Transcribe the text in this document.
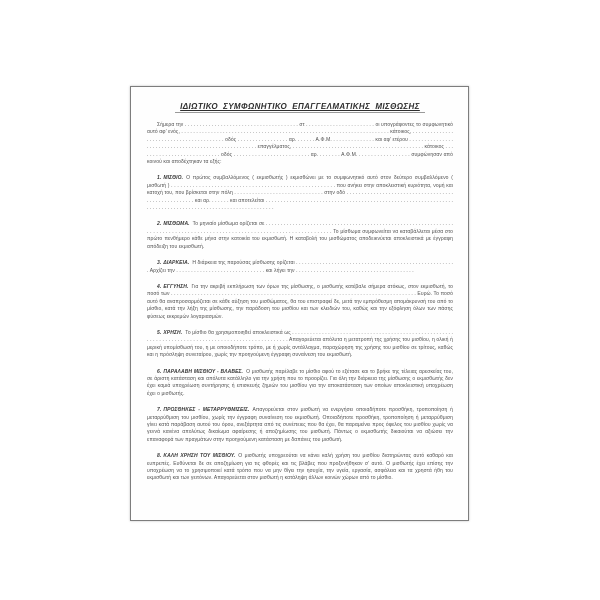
ΙΔΙΩΤΙΚΟ ΣΥΜΦΩΝΗΤΙΚΟ ΕΠΑΓΓΕΛΜΑΤΙΚΗΣ ΜΙΣΘΩΣΗΣ

Σήμερα την . . . . . . . . . . . . . . . . . . . . . . . . . . . . . . . . . . . . . . στ . . . . . . . . . . . . . . . . . . . . . . . οι υπογράφοντες το συμφωνητικό αυτό αφ’ ενός, . . . . . . . . . . . . . . . . . . . . . . . . . . . . . . . . . . . . . . . . . . . . . . . . . . . . . . . . . . . . . . . . . . . . . . κάτοικος, . . . . . . . . . . . . . . . . . . . . . . . . . . . . . . . . . . . . . . . . οδός . . . . . . . . . . . . . . . . . αρ. . . . . . . Α.Φ.Μ. . . . . . . . . . . . . . . και αφ’ ετέρου . . . . . . . . . . . . . . . . . . . . . . . . . . . . . . . . . . . . . . . . . . . . . . . . . . . . επαγγέλματος, . . . . . . . . . . . . . . . . . . . . . . . . . . . . . . . . . . . . . . . . . . . . κάτοικος . . . . . . . . . . . . . . . . . . . . . . . . . . . οδός . . . . . . . . . . . . . . . . . . . . . . . . . αρ. . . . . . . . Α.Φ.Μ. . . . . . . . . . . . . . . . . . συμφώνησαν από κοινού και αποδέχτηκαν τα εξής:

1. ΜΙΣΘΙΟ. Ο πρώτος συμβαλλόμενος ( εκμισθωτής ) εκμισθώνει με το συμφωνητικό αυτό στον δεύτερο συμβαλλόμενο ( μισθωτή ) . . . . . . . . . . . . . . . . . . . . . . . . . . . . . . . . . . . . . . . . . . . . . . . . . . . . . που ανήκει στην αποκλειστική κυριότητα, νομή και κατοχή του, που βρίσκεται στην πόλη . . . . . . . . . . . . . . . . . . . . . . . . . . . . . . στην οδό . . . . . . . . . . . . . . . . . . . . . . . . . . . . . . . . . . . . . . . . . . . . . . . . . . . . και αρ. . . . . . . και αποτελείται . . . . . . . . . . . . . . . . . . . . . . . . . . . . . . . . . . . . . . . . . . . . . . . . . . . . . . . . . . . . . . . . . . . . . . . . . . . . . . . . . . . . . . . . . . . . . . . . . . . . . . . . . .

2. ΜΙΣΘΩΜΑ. Το μηνιαίο μίσθωμα ορίζεται σε . . . . . . . . . . . . . . . . . . . . . . . . . . . . . . . . . . . . . . . . . . . . . . . . . . . . . . . . . . . . . . . . . . . . . . . . . . . . . . . . . . . . . . . . . . . . . . . . . . . . . . . . . . . . . . . . . . . . . . . . . . Το μίσθωμα συμφωνείται να καταβάλλεται μέσα στο πρώτο πενθήμερο κάθε μήνα στην κατοικία του εκμισθωτή. Η καταβολή του μισθώματος αποδεικνύεται αποκλειστικά με έγγραφη απόδειξη του εκμισθωτή.

3. ΔΙΑΡΚΕΙΑ. Η διάρκεια της παρούσας μίσθωσης ορίζεται . . . . . . . . . . . . . . . . . . . . . . . . . . . . . . . . . . . . . . . . . . . . . . . . . . . . . . Αρχίζει την . . . . . . . . . . . . . . . . . . . . . . . . . . . . . . και λήγει την . . . . . . . . . . . . . . . . . . . . . . . . . . . . . . . . . . . . . . . .

4. ΕΓΓΥΗΣΗ. Για την ακριβή εκπλήρωση των όρων της μίσθωσης, ο μισθωτής κατέβαλε σήμερα ατόκως, στον εκμισθωτή, το ποσό των . . . . . . . . . . . . . . . . . . . . . . . . . . . . . . . . . . . . . . . . . . . . . . . . . . . . . . . . . . . . . . . . . . . . . . . . . . . . . . . . . . Ευρώ. Το ποσό αυτό θα αναπροσαρμόζεται σε κάθε αύξηση του μισθώματος, θα του επιστραφεί δε, μετά την εμπρόθεσμη απομάκρυνσή του από το μίσθιο, κατά την λήξη της μίσθωσης, την παράδοση του μισθίου και των κλειδιών του, καθώς και την εξόφληση όλων των πάσης φύσεως εκκρεμών λογαριασμών.

5. ΧΡΗΣΗ. Το μίσθιο θα χρησιμοποιηθεί αποκλειστικά ως . . . . . . . . . . . . . . . . . . . . . . . . . . . . . . . . . . . . . . . . . . . . . . . . . . . . . . . . . . . . . . . . . . . . . . . . . . . . . . . . . . . . . . . . . . . . . . . . . . . . Απαγορεύεται απόλυτα η μετατροπή της χρήσης του μισθίου, η ολική ή μερική υπομίσθωσή του, η με οποιοδήποτε τρόπο, με ή χωρίς αντάλλαγμα, παραχώρηση της χρήσης του μισθίου σε τρίτους, καθώς και η πρόσληψη συνεταίρου, χωρίς την προηγούμενη έγγραφη συναίνεση του εκμισθωτή.

6. ΠΑΡΑΛΑΒΗ ΜΙΣΘΙΟΥ - ΒΛΑΒΕΣ. Ο μισθωτής παρέλαβε το μίσθιο αφού το εξέτασε και το βρήκε της τέλειας αρεσκείας του, σε άριστη κατάσταση και απόλυτα κατάλληλο για την χρήση που το προορίζει. Για όλη την διάρκεια της μίσθωσης ο εκμισθωτής δεν έχει καμιά υποχρέωση συντήρησης ή επισκευής ζημιών του μισθίου για την αποκατάσταση των οποίων αποκλειστική υποχρέωση έχει ο μισθωτής.

7. ΠΡΟΣΘΗΚΕΣ - ΜΕΤΑΡΡΥΘΜΙΣΕΙΣ. Απαγορεύεται στον μισθωτή να ενεργήσει οποιαδήποτε προσθήκη, τροποποίηση ή μεταρρύθμιση του μισθίου, χωρίς την έγγραφη συναίνεση του εκμισθωτή. Οποιαδήποτε προσθήκη, τροποποίηση ή μεταρρύθμιση γίνει κατά παράβαση αυτού του όρου, ανεξάρτητα από τις συνέπειες που θα έχει, θα παραμείνει προς όφελος του μισθίου χωρίς να γεννά κανένα απολύτως δικαίωμα αφαίρεσης ή αποζημίωσης του μισθωτή. Πάντως ο εκμισθωτής δικαιούται να αξιώσει την επαναφορά των πραγμάτων στην προηγούμενη κατάσταση με δαπάνες του μισθωτή.

8. ΚΑΛΗ ΧΡΗΣΗ ΤΟΥ ΜΙΣΘΙΟΥ. Ο μισθωτής υποχρεούται να κάνει καλή χρήση του μισθίου διατηρώντας αυτό καθαρό και ευπρεπές. Ευθύνεται δε σε αποζημίωση για τις φθορές και τις βλάβες που προξενήθηκαν σ’ αυτό. Ο μισθωτής έχει επίσης την υποχρέωση να το χρησιμοποιεί κατά τρόπο που να μην θίγει την ησυχία, την υγεία, εργασία, ασφάλεια και τα χρηστά ήθη του εκμισθωτή και των γειτόνων. Απαγορεύεται στον μισθωτή η κατάληψη άλλων κοινών χώρων από το μίσθιο.
